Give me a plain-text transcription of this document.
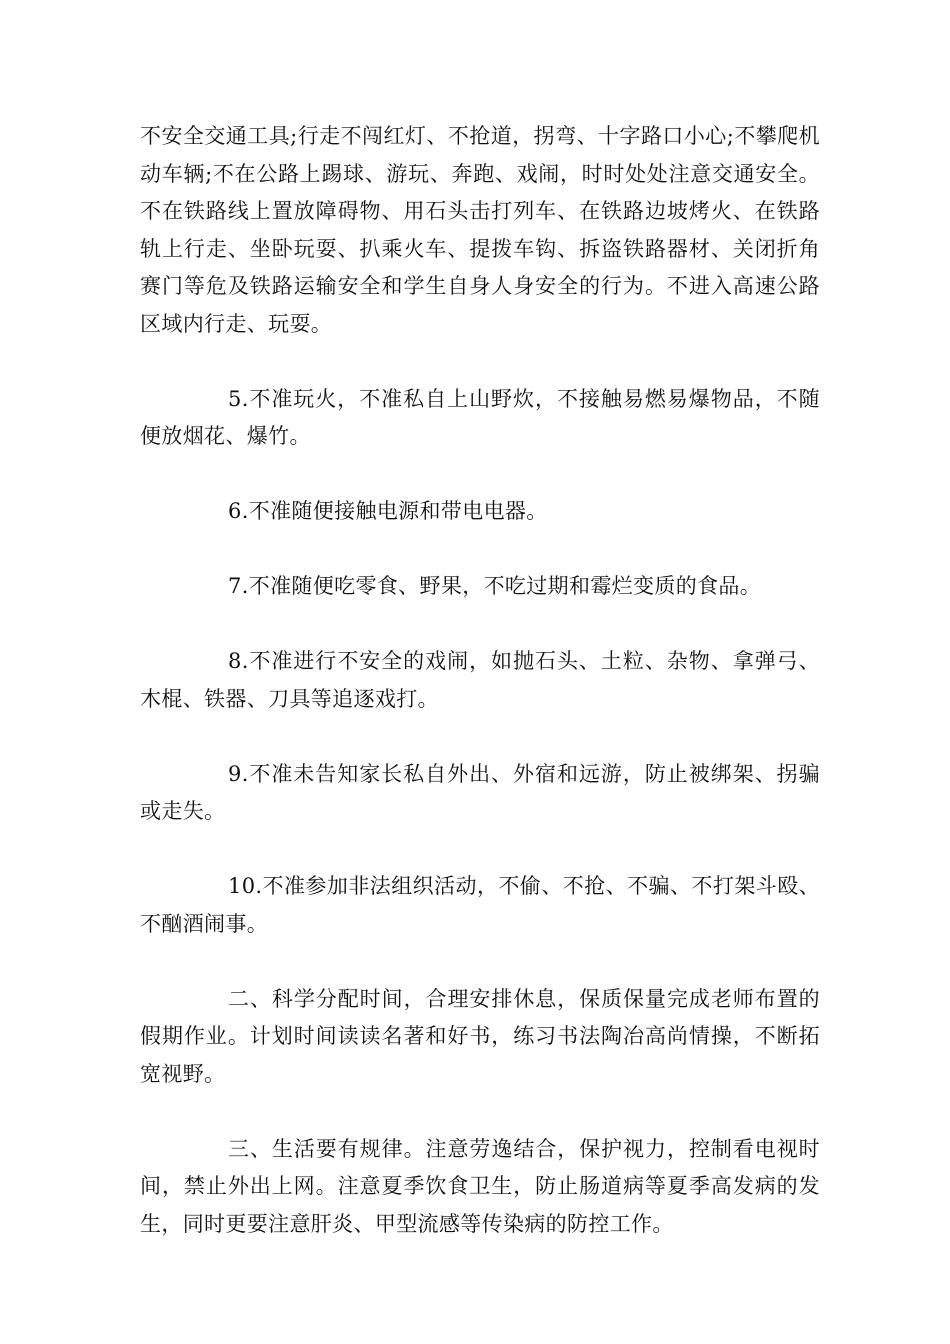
不安全交通工具;行走不闯红灯、不抢道，拐弯、十字路口小心;不攀爬机动车辆;不在公路上踢球、游玩、奔跑、戏闹，时时处处注意交通安全。不在铁路线上置放障碍物、用石头击打列车、在铁路边坡烤火、在铁路轨上行走、坐卧玩耍、扒乘火车、提拨车钩、拆盗铁路器材、关闭折角赛门等危及铁路运输安全和学生自身人身安全的行为。不进入高速公路区域内行走、玩耍。

5.不准玩火，不准私自上山野炊，不接触易燃易爆物品，不随便放烟花、爆竹。

6.不准随便接触电源和带电电器。

7.不准随便吃零食、野果，不吃过期和霉烂变质的食品。

8.不准进行不安全的戏闹，如抛石头、土粒、杂物、拿弹弓、木棍、铁器、刀具等追逐戏打。

9.不准未告知家长私自外出、外宿和远游，防止被绑架、拐骗或走失。

10.不准参加非法组织活动，不偷、不抢、不骗、不打架斗殴、不酗酒闹事。

二、科学分配时间，合理安排休息，保质保量完成老师布置的假期作业。计划时间读读名著和好书，练习书法陶冶高尚情操，不断拓宽视野。

三、生活要有规律。注意劳逸结合，保护视力，控制看电视时间，禁止外出上网。注意夏季饮食卫生，防止肠道病等夏季高发病的发生，同时更要注意肝炎、甲型流感等传染病的防控工作。
